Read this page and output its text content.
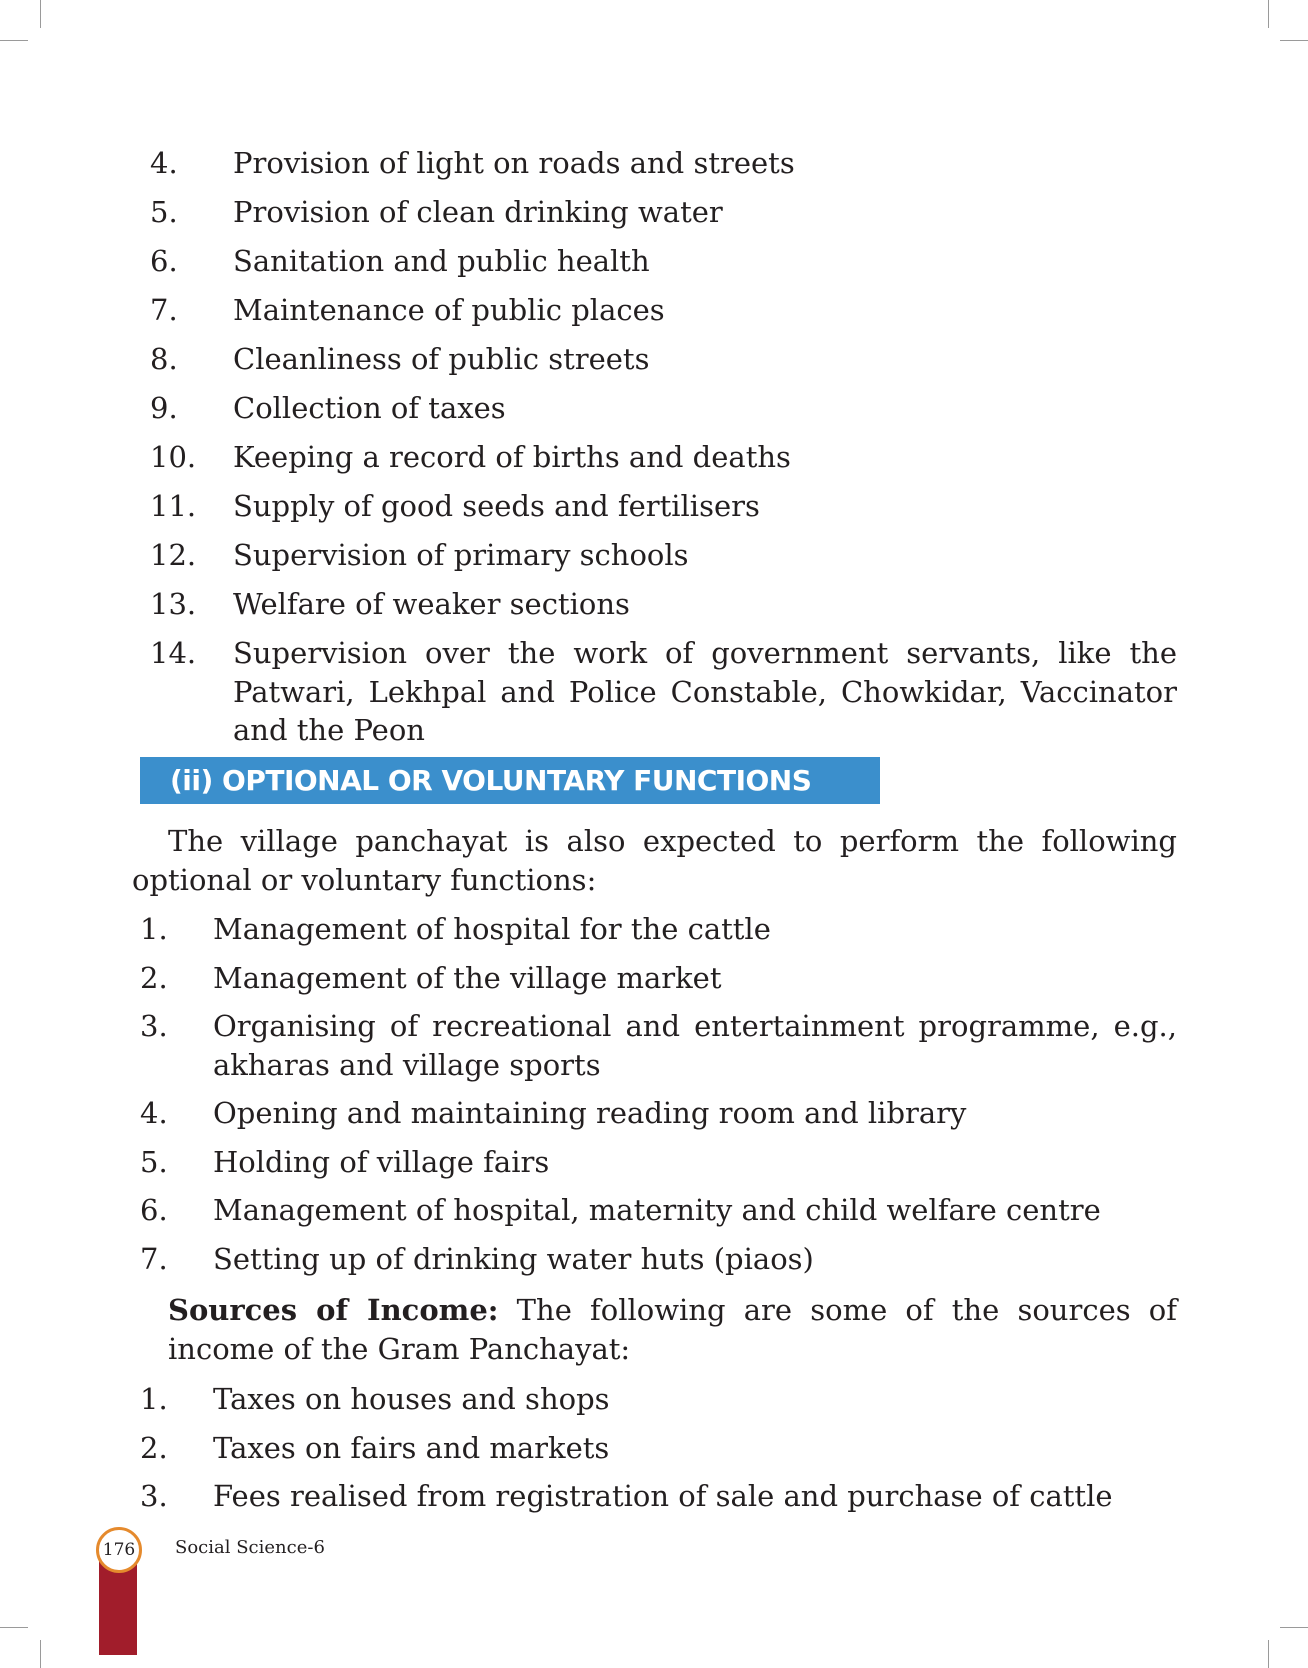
4.	Provision of light on roads and streets
5.	Provision of clean drinking water
6.	Sanitation and public health
7.	Maintenance of public places
8.	Cleanliness of public streets
9.	Collection of taxes
10.	Keeping a record of births and deaths
11.	Supply of good seeds and fertilisers
12.	Supervision of primary schools
13.	Welfare of weaker sections
14.	Supervision over the work of government servants, like the Patwari, Lekhpal and Police Constable, Chowkidar, Vaccinator and the Peon
(ii) OPTIONAL OR VOLUNTARY FUNCTIONS

The village panchayat is also expected to perform the following optional or voluntary functions:

1.	Management of hospital for the cattle
2.	Management of the village market
3.	Organising of recreational and entertainment programme, e.g., akharas and village sports
4.	Opening and maintaining reading room and library
5.	Holding of village fairs
6.	Management of hospital, maternity and child welfare centre
7.	Setting up of drinking water huts (piaos)

Sources of Income: The following are some of the sources of income of the Gram Panchayat:

1.	Taxes on houses and shops
2.	Taxes on fairs and markets
3.	Fees realised from registration of sale and purchase of cattle
176	Social Science-6
